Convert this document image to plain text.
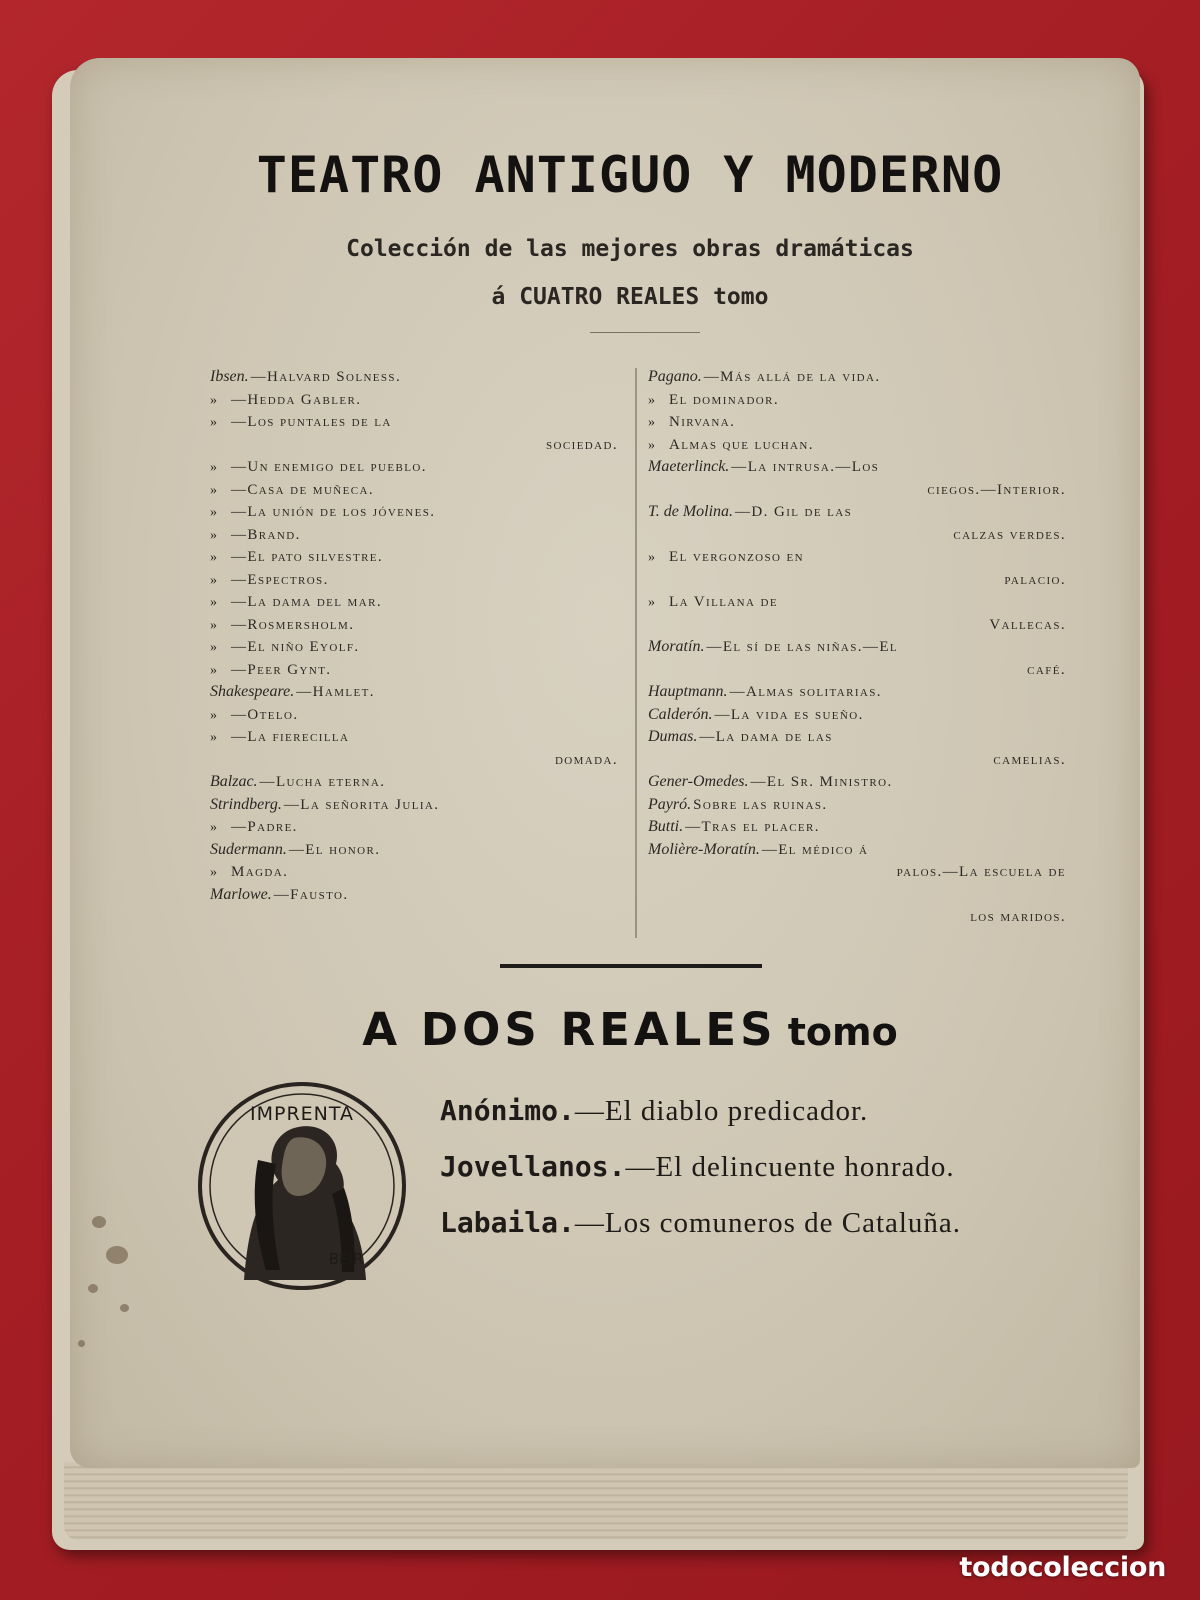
TEATRO ANTIGUO Y MODERNO
Colección de las mejores obras dramáticas
á CUATRO REALES tomo
Ibsen. —Halvard Solness.
» —Hedda Gabler.
» —Los puntales de la
sociedad.
» —Un enemigo del pueblo.
» —Casa de muñeca.
» —La unión de los jóvenes.
» —Brand.
» —El pato silvestre.
» —Espectros.
» —La dama del mar.
» —Rosmersholm.
» —El niño Eyolf.
» —Peer Gynt.
Shakespeare. —Hamlet.
» —Otelo.
» —La fierecilla
domada.
Balzac. —Lucha eterna.
Strindberg. —La señorita Julia.
» —Padre.
Sudermann. —El honor.
» Magda.
Marlowe. —Fausto.
Pagano. —Más allá de la vida.
» El dominador.
» Nirvana.
» Almas que luchan.
Maeterlinck. —La intrusa.—Los
ciegos.—Interior.
T. de Molina. —D. Gil de las
calzas verdes.
» El vergonzoso en
palacio.
» La Villana de
Vallecas.
Moratín. —El sí de las niñas.—El
café.
Hauptmann. —Almas solitarias.
Calderón. —La vida es sueño.
Dumas. —La dama de las
camelias.
Gener-Omedes. —El Sr. Ministro.
Payró. Sobre las ruinas.
Butti. —Tras el placer.
Molière-Moratín. —El médico á
palos.—La escuela de
los maridos.
A DOS REALES tomo
IMPRENTA
BEIR
Anónimo.—El diablo predicador.
Jovellanos.—El delincuente honrado.
Labaila.—Los comuneros de Cataluña.
todocoleccion
